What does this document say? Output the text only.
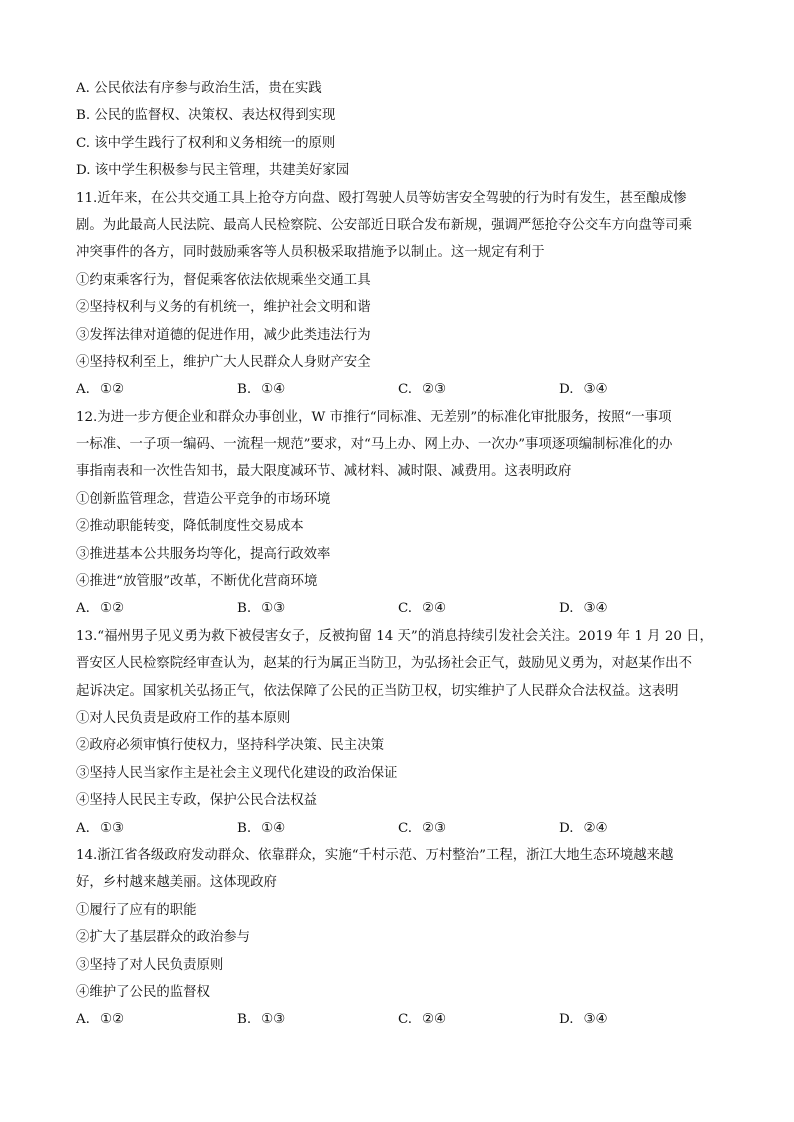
A. 公民依法有序参与政治生活，贵在实践
B. 公民的监督权、决策权、表达权得到实现
C. 该中学生践行了权利和义务相统一的原则
D. 该中学生积极参与民主管理，共建美好家园
11.近年来，在公共交通工具上抢夺方向盘、殴打驾驶人员等妨害安全驾驶的行为时有发生，甚至酿成惨
剧。为此最高人民法院、最高人民检察院、公安部近日联合发布新规，强调严惩抢夺公交车方向盘等司乘
冲突事件的各方，同时鼓励乘客等人员积极采取措施予以制止。这一规定有利于
①约束乘客行为，督促乘客依法依规乘坐交通工具
②坚持权利与义务的有机统一，维护社会文明和谐
③发挥法律对道德的促进作用，减少此类违法行为
④坚持权利至上，维护广大人民群众人身财产安全
A. ①②	B. ①④	C. ②③	D. ③④
12.为进一步方便企业和群众办事创业，W 市推行“同标准、无差别”的标准化审批服务，按照“一事项
一标准、一子项一编码、一流程一规范”要求，对“马上办、网上办、一次办”事项逐项编制标准化的办
事指南表和一次性告知书，最大限度减环节、减材料、减时限、减费用。这表明政府
①创新监管理念，营造公平竞争的市场环境
②推动职能转变，降低制度性交易成本
③推进基本公共服务均等化，提高行政效率
④推进“放管服”改革，不断优化营商环境
A. ①②	B. ①③	C. ②④	D. ③④
13.“福州男子见义勇为救下被侵害女子，反被拘留 14 天”的消息持续引发社会关注。2019 年 1 月 20 日，
晋安区人民检察院经审查认为，赵某的行为属正当防卫，为弘扬社会正气，鼓励见义勇为，对赵某作出不
起诉决定。国家机关弘扬正气，依法保障了公民的正当防卫权，切实维护了人民群众合法权益。这表明
①对人民负责是政府工作的基本原则
②政府必须审慎行使权力，坚持科学决策、民主决策
③坚持人民当家作主是社会主义现代化建设的政治保证
④坚持人民民主专政，保护公民合法权益
A. ①③	B. ①④	C. ②③	D. ②④
14.浙江省各级政府发动群众、依靠群众，实施“千村示范、万村整治”工程，浙江大地生态环境越来越
好，乡村越来越美丽。这体现政府
①履行了应有的职能
②扩大了基层群众的政治参与
③坚持了对人民负责原则
④维护了公民的监督权
A. ①②	B. ①③	C. ②④	D. ③④
